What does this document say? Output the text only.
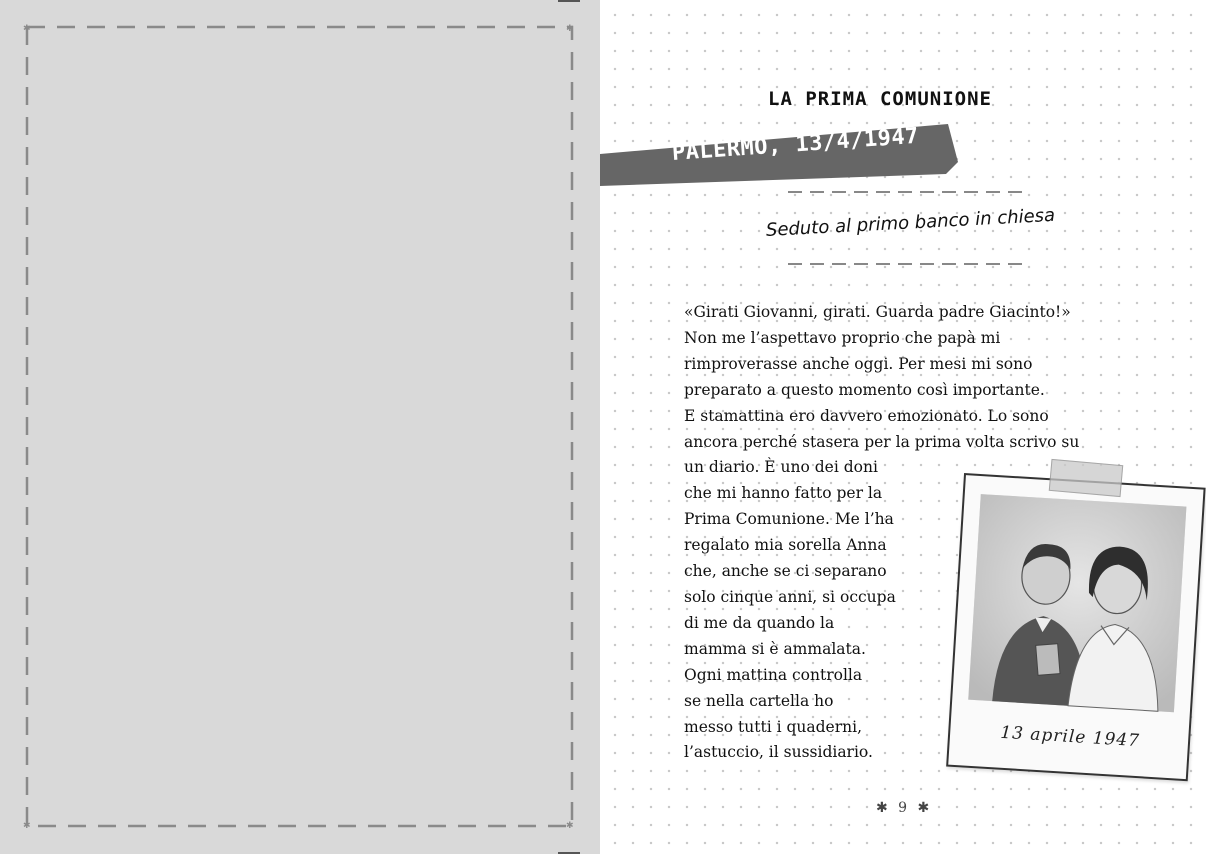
✱	✱
✱	✱
LA PRIMA COMUNIONE
PALERMO, 13/4/1947
Seduto al primo banco in chiesa

«Girati Giovanni, girati. Guarda padre Giacinto!»

Non me l’aspettavo proprio che papà mi

rimproverasse anche oggi. Per mesi mi sono

preparato a questo momento così importante.

E stamattina ero davvero emozionato. Lo sono

ancora perché stasera per la prima volta scrivo su

un diario. È uno dei doni

che mi hanno fatto per la

Prima Comunione. Me l’ha

regalato mia sorella Anna

che, anche se ci separano

solo cinque anni, si occupa

di me da quando la

mamma si è ammalata.

Ogni mattina controlla

se nella cartella ho

messo tutti i quaderni,

l’astuccio, il sussidiario.

13 aprile 1947
✱ 9 ✱
